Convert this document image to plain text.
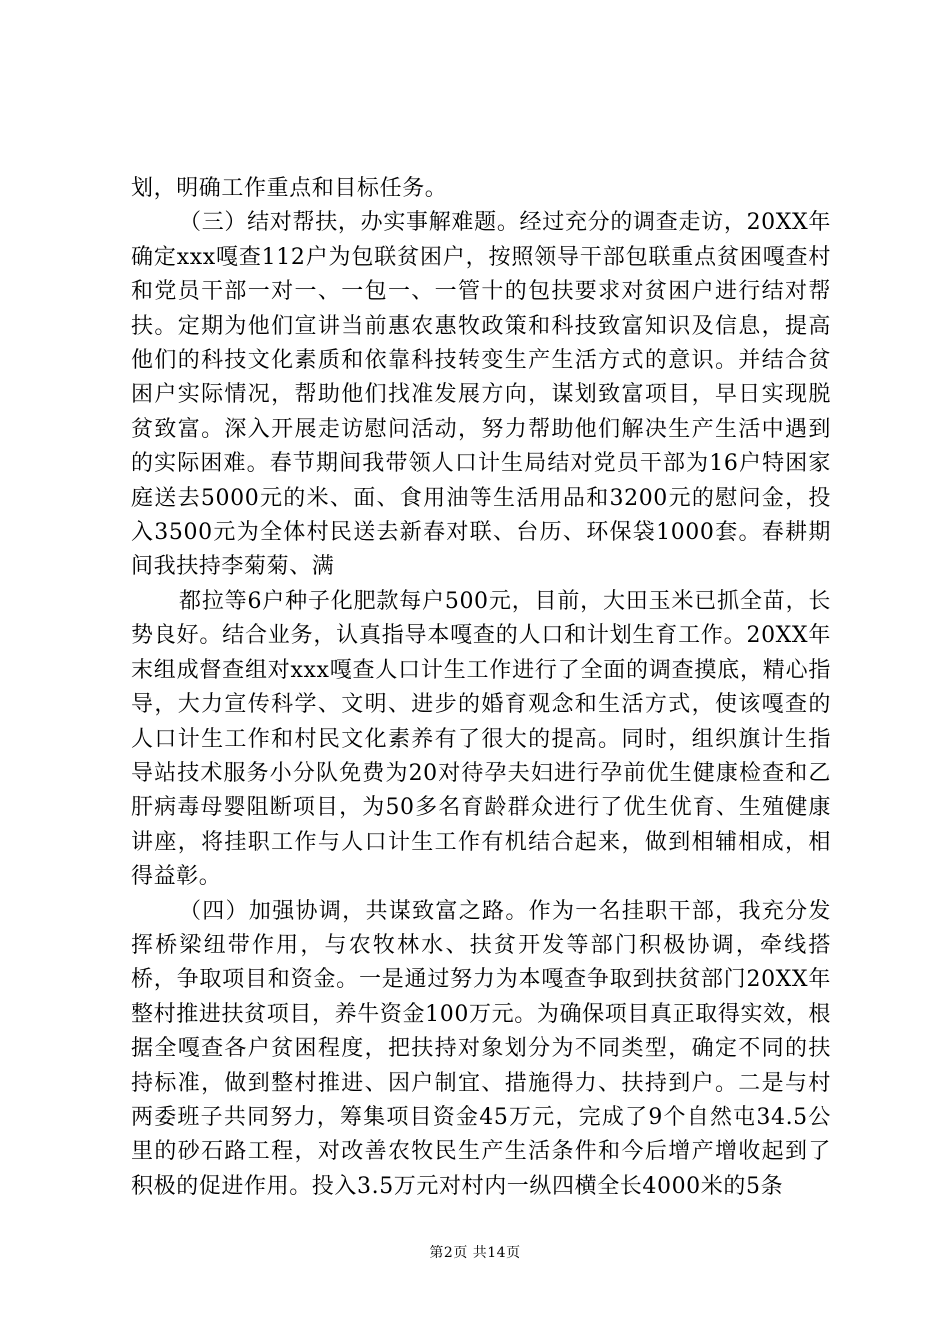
划，明确工作重点和目标任务。

（三）结对帮扶，办实事解难题。经过充分的调查走访，20XX年确定xxx嘎查112户为包联贫困户，按照领导干部包联重点贫困嘎查村和党员干部一对一、一包一、一管十的包扶要求对贫困户进行结对帮扶。定期为他们宣讲当前惠农惠牧政策和科技致富知识及信息，提高他们的科技文化素质和依靠科技转变生产生活方式的意识。并结合贫困户实际情况，帮助他们找准发展方向，谋划致富项目，早日实现脱贫致富。深入开展走访慰问活动，努力帮助他们解决生产生活中遇到的实际困难。春节期间我带领人口计生局结对党员干部为16户特困家庭送去5000元的米、面、食用油等生活用品和3200元的慰问金，投入3500元为全体村民送去新春对联、台历、环保袋1000套。春耕期间我扶持李菊菊、满

都拉等6户种子化肥款每户500元，目前，大田玉米已抓全苗，长势良好。结合业务，认真指导本嘎查的人口和计划生育工作。20XX年末组成督查组对xxx嘎查人口计生工作进行了全面的调查摸底，精心指导，大力宣传科学、文明、进步的婚育观念和生活方式，使该嘎查的人口计生工作和村民文化素养有了很大的提高。同时，组织旗计生指导站技术服务小分队免费为20对待孕夫妇进行孕前优生健康检查和乙肝病毒母婴阻断项目，为50多名育龄群众进行了优生优育、生殖健康讲座，将挂职工作与人口计生工作有机结合起来，做到相辅相成，相得益彰。

（四）加强协调，共谋致富之路。作为一名挂职干部，我充分发挥桥梁纽带作用，与农牧林水、扶贫开发等部门积极协调，牵线搭桥，争取项目和资金。一是通过努力为本嘎查争取到扶贫部门20XX年整村推进扶贫项目，养牛资金100万元。为确保项目真正取得实效，根据全嘎查各户贫困程度，把扶持对象划分为不同类型，确定不同的扶持标准，做到整村推进、因户制宜、措施得力、扶持到户。二是与村两委班子共同努力，筹集项目资金45万元，完成了9个自然屯34.5公里的砂石路工程，对改善农牧民生产生活条件和今后增产增收起到了积极的促进作用。投入3.5万元对村内一纵四横全长4000米的5条

第2页 共14页
